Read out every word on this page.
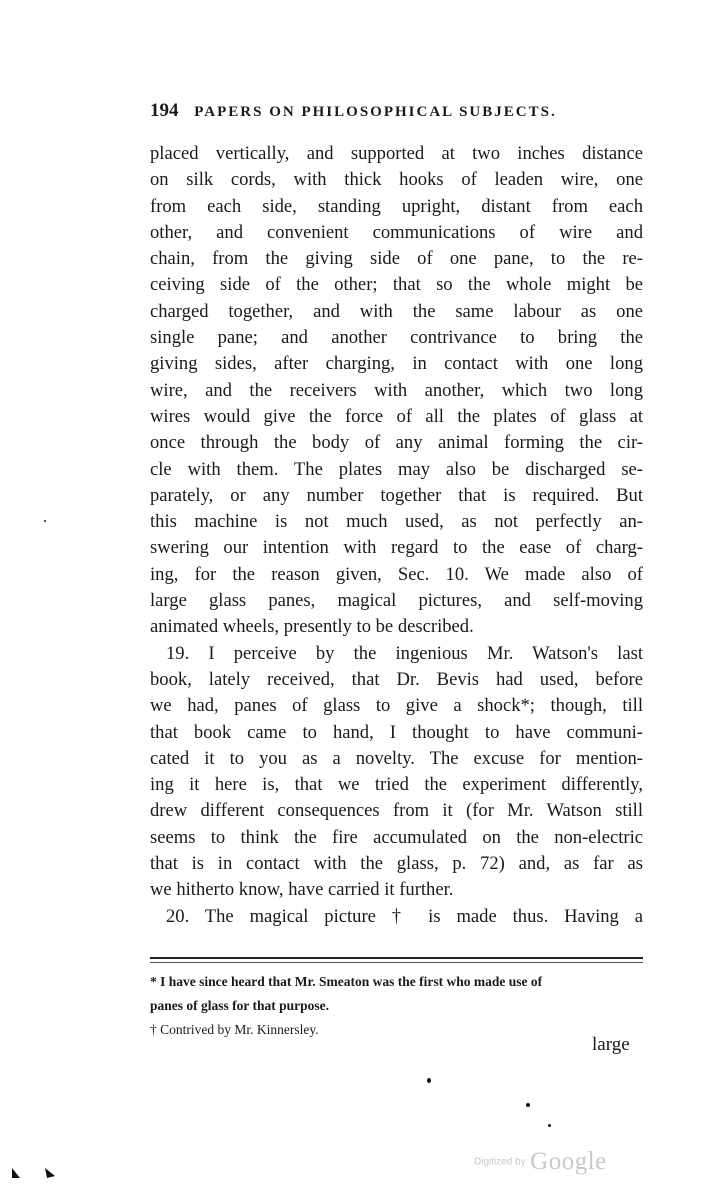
194 PAPERS ON PHILOSOPHICAL SUBJECTS.
placed vertically, and supported at two inches distance
on silk cords, with thick hooks of leaden wire, one
from each side, standing upright, distant from each
other, and convenient communications of wire and
chain, from the giving side of one pane, to the re-
ceiving side of the other; that so the whole might be
charged together, and with the same labour as one
single pane; and another contrivance to bring the
giving sides, after charging, in contact with one long
wire, and the receivers with another, which two long
wires would give the force of all the plates of glass at
once through the body of any animal forming the cir-
cle with them. The plates may also be discharged se-
parately, or any number together that is required. But
this machine is not much used, as not perfectly an-
swering our intention with regard to the ease of charg-
ing, for the reason given, Sec. 10. We made also of
large glass panes, magical pictures, and self-moving
animated wheels, presently to be described.
19. I perceive by the ingenious Mr. Watson's last
book, lately received, that Dr. Bevis had used, before
we had, panes of glass to give a shock*; though, till
that book came to hand, I thought to have communi-
cated it to you as a novelty. The excuse for mention-
ing it here is, that we tried the experiment differently,
drew different consequences from it (for Mr. Watson still
seems to think the fire accumulated on the non-electric
that is in contact with the glass, p. 72) and, as far as
we hitherto know, have carried it further.
20. The magical picture † is made thus. Having a
* I have since heard that Mr. Smeaton was the first who made use of
panes of glass for that purpose.
† Contrived by Mr. Kinnersley.
large
Digitized by Google
